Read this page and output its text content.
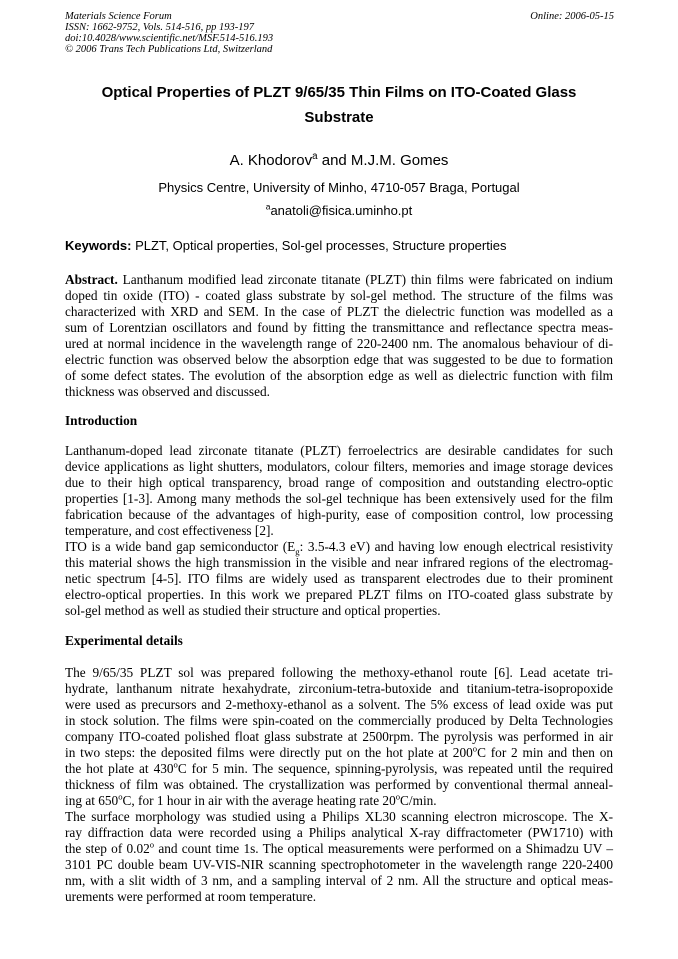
Materials Science Forum
ISSN: 1662-9752, Vols. 514-516, pp 193-197
doi:10.4028/www.scientific.net/MSF.514-516.193
© 2006 Trans Tech Publications Ltd, Switzerland
Online: 2006-05-15
Optical Properties of PLZT 9/65/35 Thin Films on ITO-Coated Glass
Substrate
A. Khodorov$^a$ and M.J.M. Gomes
Physics Centre, University of Minho, 4710-057 Braga, Portugal
$^a$anatoli@fisica.uminho.pt
Keywords: PLZT, Optical properties, Sol-gel processes, Structure properties
Abstract. Lanthanum modified lead zirconate titanate (PLZT) thin films were fabricated on indium
doped tin oxide (ITO) - coated glass substrate by sol-gel method. The structure of the films was
characterized with XRD and SEM. In the case of PLZT the dielectric function was modelled as a
sum of Lorentzian oscillators and found by fitting the transmittance and reflectance spectra meas-
ured at normal incidence in the wavelength range of 220-2400 nm. The anomalous behaviour of di-
electric function was observed below the absorption edge that was suggested to be due to formation
of some defect states. The evolution of the absorption edge as well as dielectric function with film
thickness was observed and discussed.
Introduction
Lanthanum-doped lead zirconate titanate (PLZT) ferroelectrics are desirable candidates for such
device applications as light shutters, modulators, colour filters, memories and image storage devices
due to their high optical transparency, broad range of composition and outstanding electro-optic
properties [1-3]. Among many methods the sol-gel technique has been extensively used for the film
fabrication because of the advantages of high-purity, ease of composition control, low processing
temperature, and cost effectiveness [2].
ITO is a wide band gap semiconductor ($E_g$: 3.5-4.3 eV) and having low enough electrical resistivity
this material shows the high transmission in the visible and near infrared regions of the electromag-
netic spectrum [4-5]. ITO films are widely used as transparent electrodes due to their prominent
electro-optical properties. In this work we prepared PLZT films on ITO-coated glass substrate by
sol-gel method as well as studied their structure and optical properties.
Experimental details
The 9/65/35 PLZT sol was prepared following the methoxy-ethanol route [6]. Lead acetate tri-
hydrate, lanthanum nitrate hexahydrate, zirconium-tetra-butoxide and titanium-tetra-isopropoxide
were used as precursors and 2-methoxy-ethanol as a solvent. The 5% excess of lead oxide was put
in stock solution. The films were spin-coated on the commercially produced by Delta Technologies
company ITO-coated polished float glass substrate at 2500rpm. The pyrolysis was performed in air
in two steps: the deposited films were directly put on the hot plate at 200$^o$C for 2 min and then on
the hot plate at 430$^o$C for 5 min. The sequence, spinning-pyrolysis, was repeated until the required
thickness of film was obtained. The crystallization was performed by conventional thermal anneal-
ing at 650$^o$C, for 1 hour in air with the average heating rate 20$^o$C/min.
The surface morphology was studied using a Philips XL30 scanning electron microscope. The X-
ray diffraction data were recorded using a Philips analytical X-ray diffractometer (PW1710) with
the step of 0.02$^o$ and count time 1s. The optical measurements were performed on a Shimadzu UV –
3101 PC double beam UV-VIS-NIR scanning spectrophotometer in the wavelength range 220-2400
nm, with a slit width of 3 nm, and a sampling interval of 2 nm. All the structure and optical meas-
urements were performed at room temperature.
